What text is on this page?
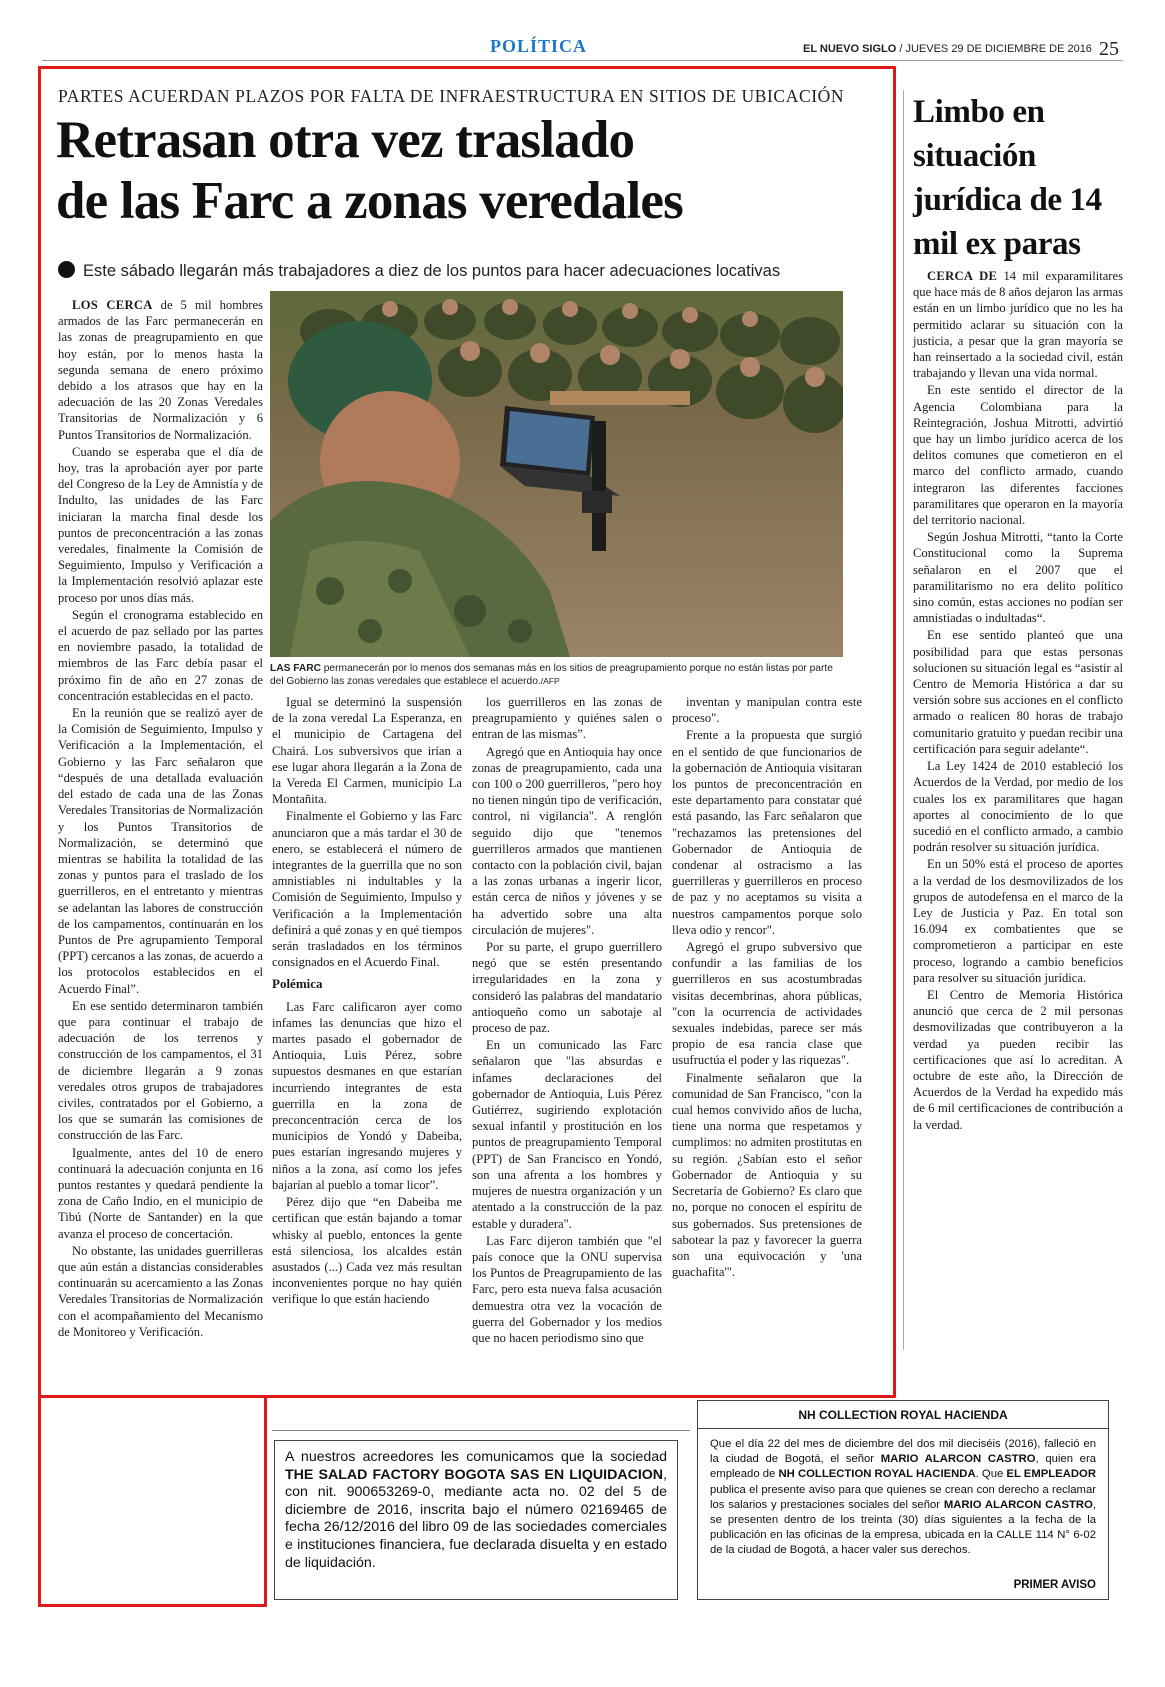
POLÍTICA	EL NUEVO SIGLO / JUEVES 29 DE DICIEMBRE DE 2016 25
PARTES ACUERDAN PLAZOS POR FALTA DE INFRAESTRUCTURA EN SITIOS DE UBICACIÓN
Retrasan otra vez traslado
de las Farc a zonas veredales
Este sábado llegarán más trabajadores a diez de los puntos para hacer adecuaciones locativas

LOS CERCA de 5 mil hombres armados de las Farc permanecerán en las zonas de preagrupamiento en que hoy están, por lo menos hasta la segunda semana de enero próximo debido a los atrasos que hay en la adecuación de las 20 Zonas Veredales Transitorias de Normalización y 6 Puntos Transitorios de Normalización.

Cuando se esperaba que el día de hoy, tras la aprobación ayer por parte del Congreso de la Ley de Amnistía y de Indulto, las unidades de las Farc iniciaran la marcha final desde los puntos de preconcentración a las zonas veredales, finalmente la Comisión de Seguimiento, Impulso y Verificación a la Implementación resolvió aplazar este proceso por unos días más.

Según el cronograma establecido en el acuerdo de paz sellado por las partes en noviembre pasado, la totalidad de miembros de las Farc debía pasar el próximo fin de año en 27 zonas de concentración establecidas en el pacto.

En la reunión que se realizó ayer de la Comisión de Seguimiento, Impulso y Verificación a la Implementación, el Gobierno y las Farc señalaron que “después de una detallada evaluación del estado de cada una de las Zonas Veredales Transitorias de Normalización y los Puntos Transitorios de Normalización, se determinó que mientras se habilita la totalidad de las zonas y puntos para el traslado de los guerrilleros, en el entretanto y mientras se adelantan las labores de construcción de los campamentos, continuarán en los Puntos de Pre agrupamiento Temporal (PPT) cercanos a las zonas, de acuerdo a los protocolos establecidos en el Acuerdo Final”.

En ese sentido determinaron también que para continuar el trabajo de adecuación de los terrenos y construcción de los campamentos, el 31 de diciembre llegarán a 9 zonas veredales otros grupos de trabajadores civiles, contratados por el Gobierno, a los que se sumarán las comisiones de construcción de las Farc.

Igualmente, antes del 10 de enero continuará la adecuación conjunta en 16 puntos restantes y quedará pendiente la zona de Caño Indio, en el municipio de Tibú (Norte de Santander) en la que avanza el proceso de concertación.

No obstante, las unidades guerrilleras que aún están a distancias considerables continuarán su acercamiento a las Zonas Veredales Transitorias de Normalización con el acompañamiento del Mecanismo de Monitoreo y Verificación.

LAS FARC permanecerán por lo menos dos semanas más en los sitios de preagrupamiento porque no están listas por parte del Gobierno las zonas veredales que establece el acuerdo./AFP

Igual se determinó la suspensión de la zona veredal La Esperanza, en el municipio de Cartagena del Chairá. Los subversivos que irían a ese lugar ahora llegarán a la Zona de la Vereda El Carmen, municipio La Montañita.

Finalmente el Gobierno y las Farc anunciaron que a más tardar el 30 de enero, se establecerá el número de integrantes de la guerrilla que no son amnistiables ni indultables y la Comisión de Seguimiento, Impulso y Verificación a la Implementación definirá a qué zonas y en qué tiempos serán trasladados en los términos consignados en el Acuerdo Final.

Polémica

Las Farc calificaron ayer como infames las denuncias que hizo el martes pasado el gobernador de Antioquia, Luis Pérez, sobre supuestos desmanes en que estarían incurriendo integrantes de esta guerrilla en la zona de preconcentración cerca de los municipios de Yondó y Dabeiba, pues estarían ingresando mujeres y niños a la zona, así como los jefes bajarían al pueblo a tomar licor”.

Pérez dijo que “en Dabeiba me certifican que están bajando a tomar whisky al pueblo, entonces la gente está silenciosa, los alcaldes están asustados (...) Cada vez más resultan inconvenientes porque no hay quién verifique lo que están haciendo

los guerrilleros en las zonas de preagrupamiento y quiénes salen o entran de las mismas”.

Agregó que en Antioquia hay once zonas de preagrupamiento, cada una con 100 o 200 guerrilleros, "pero hoy no tienen ningún tipo de verificación, control, ni vigilancia". A renglón seguido dijo que "tenemos guerrilleros armados que mantienen contacto con la población civil, bajan a las zonas urbanas a ingerir licor, están cerca de niños y jóvenes y se ha advertido sobre una alta circulación de mujeres".

Por su parte, el grupo guerrillero negó que se estén presentando irregularidades en la zona y consideró las palabras del mandatario antioqueño como un sabotaje al proceso de paz.

En un comunicado las Farc señalaron que "las absurdas e infames declaraciones del gobernador de Antioquia, Luis Pérez Gutiérrez, sugiriendo explotación sexual infantil y prostitución en los puntos de preagrupamiento Temporal (PPT) de San Francisco en Yondó, son una afrenta a los hombres y mujeres de nuestra organización y un atentado a la construcción de la paz estable y duradera".

Las Farc dijeron también que "el país conoce que la ONU supervisa los Puntos de Preagrupamiento de las Farc, pero esta nueva falsa acusación demuestra otra vez la vocación de guerra del Gobernador y los medios que no hacen periodismo sino que

inventan y manipulan contra este proceso".

Frente a la propuesta que surgió en el sentido de que funcionarios de la gobernación de Antioquia visitaran los puntos de preconcentración en este departamento para constatar qué está pasando, las Farc señalaron que "rechazamos las pretensiones del Gobernador de Antioquia de condenar al ostracismo a las guerrilleras y guerrilleros en proceso de paz y no aceptamos su visita a nuestros campamentos porque solo lleva odio y rencor".

Agregó el grupo subversivo que confundir a las familias de los guerrilleros en sus acostumbradas visitas decembrinas, ahora públicas, "con la ocurrencia de actividades sexuales indebidas, parece ser más propio de esa rancia clase que usufructúa el poder y las riquezas".

Finalmente señalaron que la comunidad de San Francisco, "con la cual hemos convivido años de lucha, tiene una norma que respetamos y cumplimos: no admiten prostitutas en su región. ¿Sabían esto el señor Gobernador de Antioquia y su Secretaría de Gobierno? Es claro que no, porque no conocen el espíritu de sus gobernados. Sus pretensiones de sabotear la paz y favorecer la guerra son una equivocación y 'una guachafita'".

Limbo en situación jurídica de 14 mil ex paras

CERCA DE 14 mil exparamilitares que hace más de 8 años dejaron las armas están en un limbo jurídico que no les ha permitido aclarar su situación con la justicia, a pesar que la gran mayoría se han reinsertado a la sociedad civil, están trabajando y llevan una vida normal.

En este sentido el director de la Agencia Colombiana para la Reintegración, Joshua Mitrotti, advirtió que hay un limbo jurídico acerca de los delitos comunes que cometieron en el marco del conflicto armado, cuando integraron las diferentes facciones paramilitares que operaron en la mayoría del territorio nacional.

Según Joshua Mitrotti, “tanto la Corte Constitucional como la Suprema señalaron en el 2007 que el paramilitarismo no era delito político sino común, estas acciones no podían ser amnistiadas o indultadas“.

En ese sentido planteó que una posibilidad para que estas personas solucionen su situación legal es “asistir al Centro de Memoria Histórica a dar su versión sobre sus acciones en el conflicto armado o realicen 80 horas de trabajo comunitario gratuito y puedan recibir una certificación para seguir adelante“.

La Ley 1424 de 2010 estableció los Acuerdos de la Verdad, por medio de los cuales los ex paramilitares que hagan aportes al conocimiento de lo que sucedió en el conflicto armado, a cambio podrán resolver su situación jurídica.

En un 50% está el proceso de aportes a la verdad de los desmovilizados de los grupos de autodefensa en el marco de la Ley de Justicia y Paz. En total son 16.094 ex combatientes que se comprometieron a participar en este proceso, logrando a cambio beneficios para resolver su situación jurídica.

El Centro de Memoria Histórica anunció que cerca de 2 mil personas desmovilizadas que contribuyeron a la verdad ya pueden recibir las certificaciones que así lo acreditan. A octubre de este año, la Dirección de Acuerdos de la Verdad ha expedido más de 6 mil certificaciones de contribución a la verdad.

A nuestros acreedores les comunicamos que la sociedad THE SALAD FACTORY BOGOTA SAS EN LIQUIDACION, con nit. 900653269-0, mediante acta no. 02 del 5 de diciembre de 2016, inscrita bajo el número 02169465 de fecha 26/12/2016 del libro 09 de las sociedades comerciales e instituciones financiera, fue declarada disuelta y en estado de liquidación.
NH COLLECTION ROYAL HACIENDA
Que el día 22 del mes de diciembre del dos mil dieciséis (2016), falleció en la ciudad de Bogotá, el señor MARIO ALARCON CASTRO, quien era empleado de NH COLLECTION ROYAL HACIENDA. Que EL EMPLEADOR publica el presente aviso para que quienes se crean con derecho a reclamar los salarios y prestaciones sociales del señor MARIO ALARCON CASTRO, se presenten dentro de los treinta (30) días siguientes a la fecha de la publicación en las oficinas de la empresa, ubicada en la CALLE 114 N° 6-02 de la ciudad de Bogotá, a hacer valer sus derechos.
PRIMER AVISO
